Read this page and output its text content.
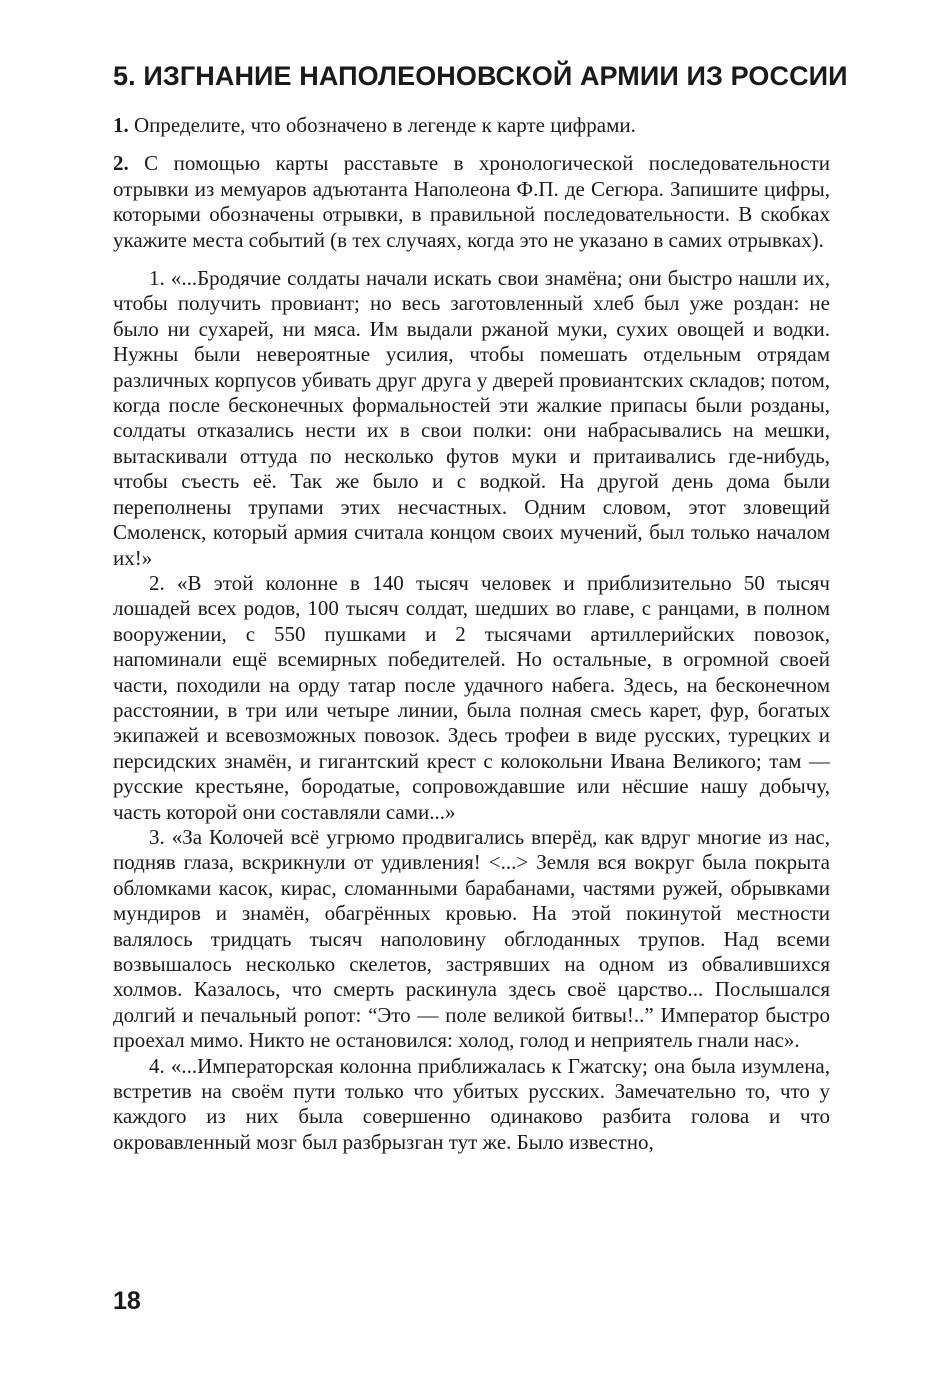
5. ИЗГНАНИЕ НАПОЛЕОНОВСКОЙ АРМИИ ИЗ РОССИИ

1. Определите, что обозначено в легенде к карте цифрами.

2. С помощью карты расставьте в хронологической последовательности отрывки из мемуаров адъютанта Наполеона Ф.П. де Сегюра. Запишите цифры, которыми обозначены отрывки, в правильной последовательности. В скобках укажите места событий (в тех случаях, когда это не указано в самих отрывках).

1. «...Бродячие солдаты начали искать свои знамёна; они быстро нашли их, чтобы получить провиант; но весь заготовленный хлеб был уже роздан: не было ни сухарей, ни мяса. Им выдали ржаной муки, сухих овощей и водки. Нужны были невероятные усилия, чтобы помешать отдельным отрядам различных корпусов убивать друг друга у дверей провиантских складов; потом, когда после бесконечных формальностей эти жалкие припасы были розданы, солдаты отказались нести их в свои полки: они набрасывались на мешки, вытаскивали оттуда по несколько футов муки и притаивались где-нибудь, чтобы съесть её. Так же было и с водкой. На другой день дома были переполнены трупами этих несчастных. Одним словом, этот зловещий Смоленск, который армия считала концом своих мучений, был только началом их!»

2. «В этой колонне в 140 тысяч человек и приблизительно 50 тысяч лошадей всех родов, 100 тысяч солдат, шедших во главе, с ранцами, в полном вооружении, с 550 пушками и 2 тысячами артиллерийских повозок, напоминали ещё всемирных победителей. Но остальные, в огромной своей части, походили на орду татар после удачного набега. Здесь, на бесконечном расстоянии, в три или четыре линии, была полная смесь карет, фур, богатых экипажей и всевозможных повозок. Здесь трофеи в виде русских, турецких и персидских знамён, и гигантский крест с колокольни Ивана Великого; там — русские крестьяне, бородатые, сопровождавшие или нёсшие нашу добычу, часть которой они составляли сами...»

3. «За Колочей всё угрюмо продвигались вперёд, как вдруг многие из нас, подняв глаза, вскрикнули от удивления! <...> Земля вся вокруг была покрыта обломками касок, кирас, сломанными барабанами, частями ружей, обрывками мундиров и знамён, обагрённых кровью. На этой покинутой местности валялось тридцать тысяч наполовину обглоданных трупов. Над всеми возвышалось несколько скелетов, застрявших на одном из обвалившихся холмов. Казалось, что смерть раскинула здесь своё царство... Послышался долгий и печальный ропот: “Это — поле великой битвы!..” Император быстро проехал мимо. Никто не остановился: холод, голод и неприятель гнали нас».

4. «...Императорская колонна приближалась к Гжатску; она была изумлена, встретив на своём пути только что убитых русских. Замечательно то, что у каждого из них была совершенно одинаково разбита голова и что окровавленный мозг был разбрызган тут же. Было известно,

18
